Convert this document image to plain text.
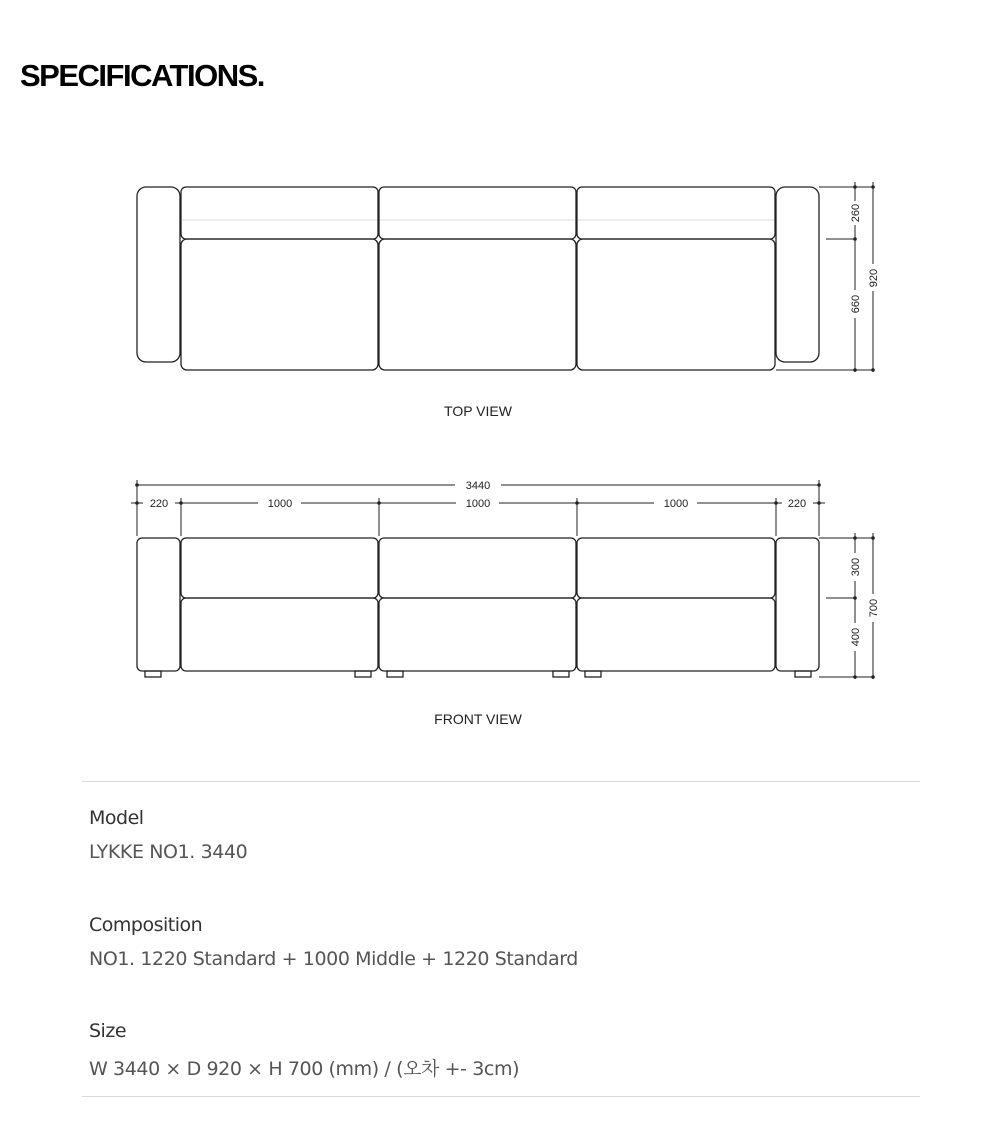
SPECIFICATIONS.
260
660
920
TOP VIEW
3440
220	1000	1000	1000	220
300
400
700
FRONT VIEW
Model
LYKKE NO1. 3440
Composition
NO1. 1220 Standard + 1000 Middle + 1220 Standard
Size
W 3440 × D 920 × H 700 (mm) / (오차 +- 3cm)
